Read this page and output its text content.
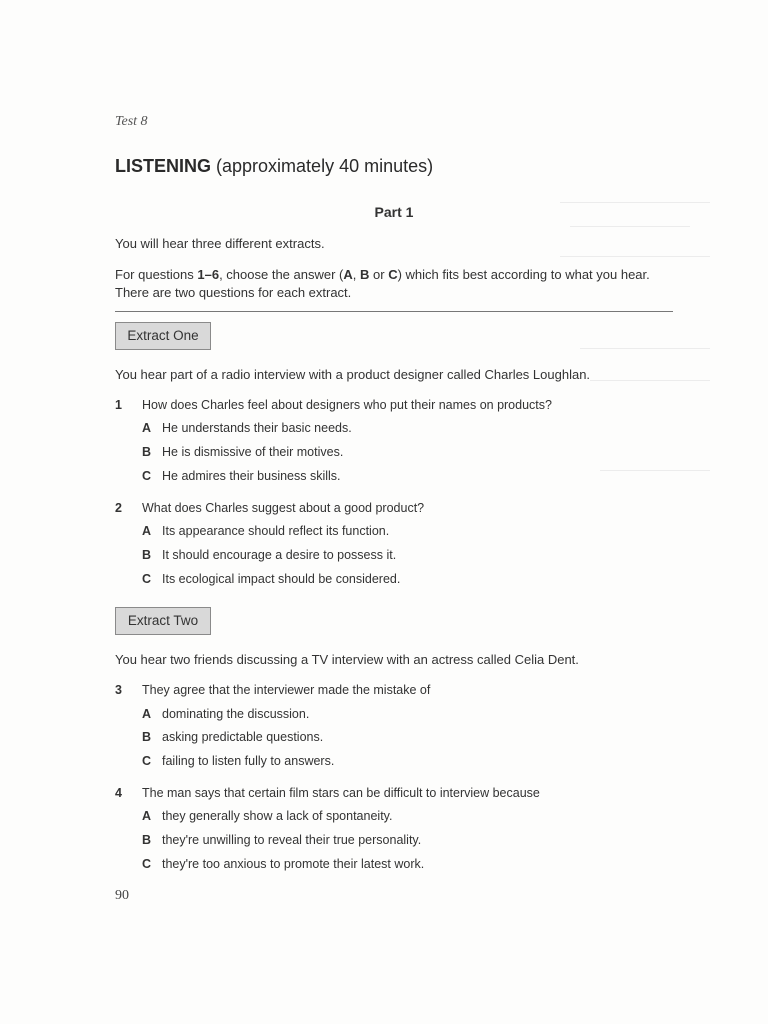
Test 8
LISTENING (approximately 40 minutes)
Part 1
You will hear three different extracts.
For questions 1–6, choose the answer (A, B or C) which fits best according to what you hear. There are two questions for each extract.
Extract One
You hear part of a radio interview with a product designer called Charles Loughlan.
1 How does Charles feel about designers who put their names on products?
A He understands their basic needs.
B He is dismissive of their motives.
C He admires their business skills.
2 What does Charles suggest about a good product?
A Its appearance should reflect its function.
B It should encourage a desire to possess it.
C Its ecological impact should be considered.
Extract Two
You hear two friends discussing a TV interview with an actress called Celia Dent.
3 They agree that the interviewer made the mistake of
A dominating the discussion.
B asking predictable questions.
C failing to listen fully to answers.
4 The man says that certain film stars can be difficult to interview because
A they generally show a lack of spontaneity.
B they're unwilling to reveal their true personality.
C they're too anxious to promote their latest work.
90
